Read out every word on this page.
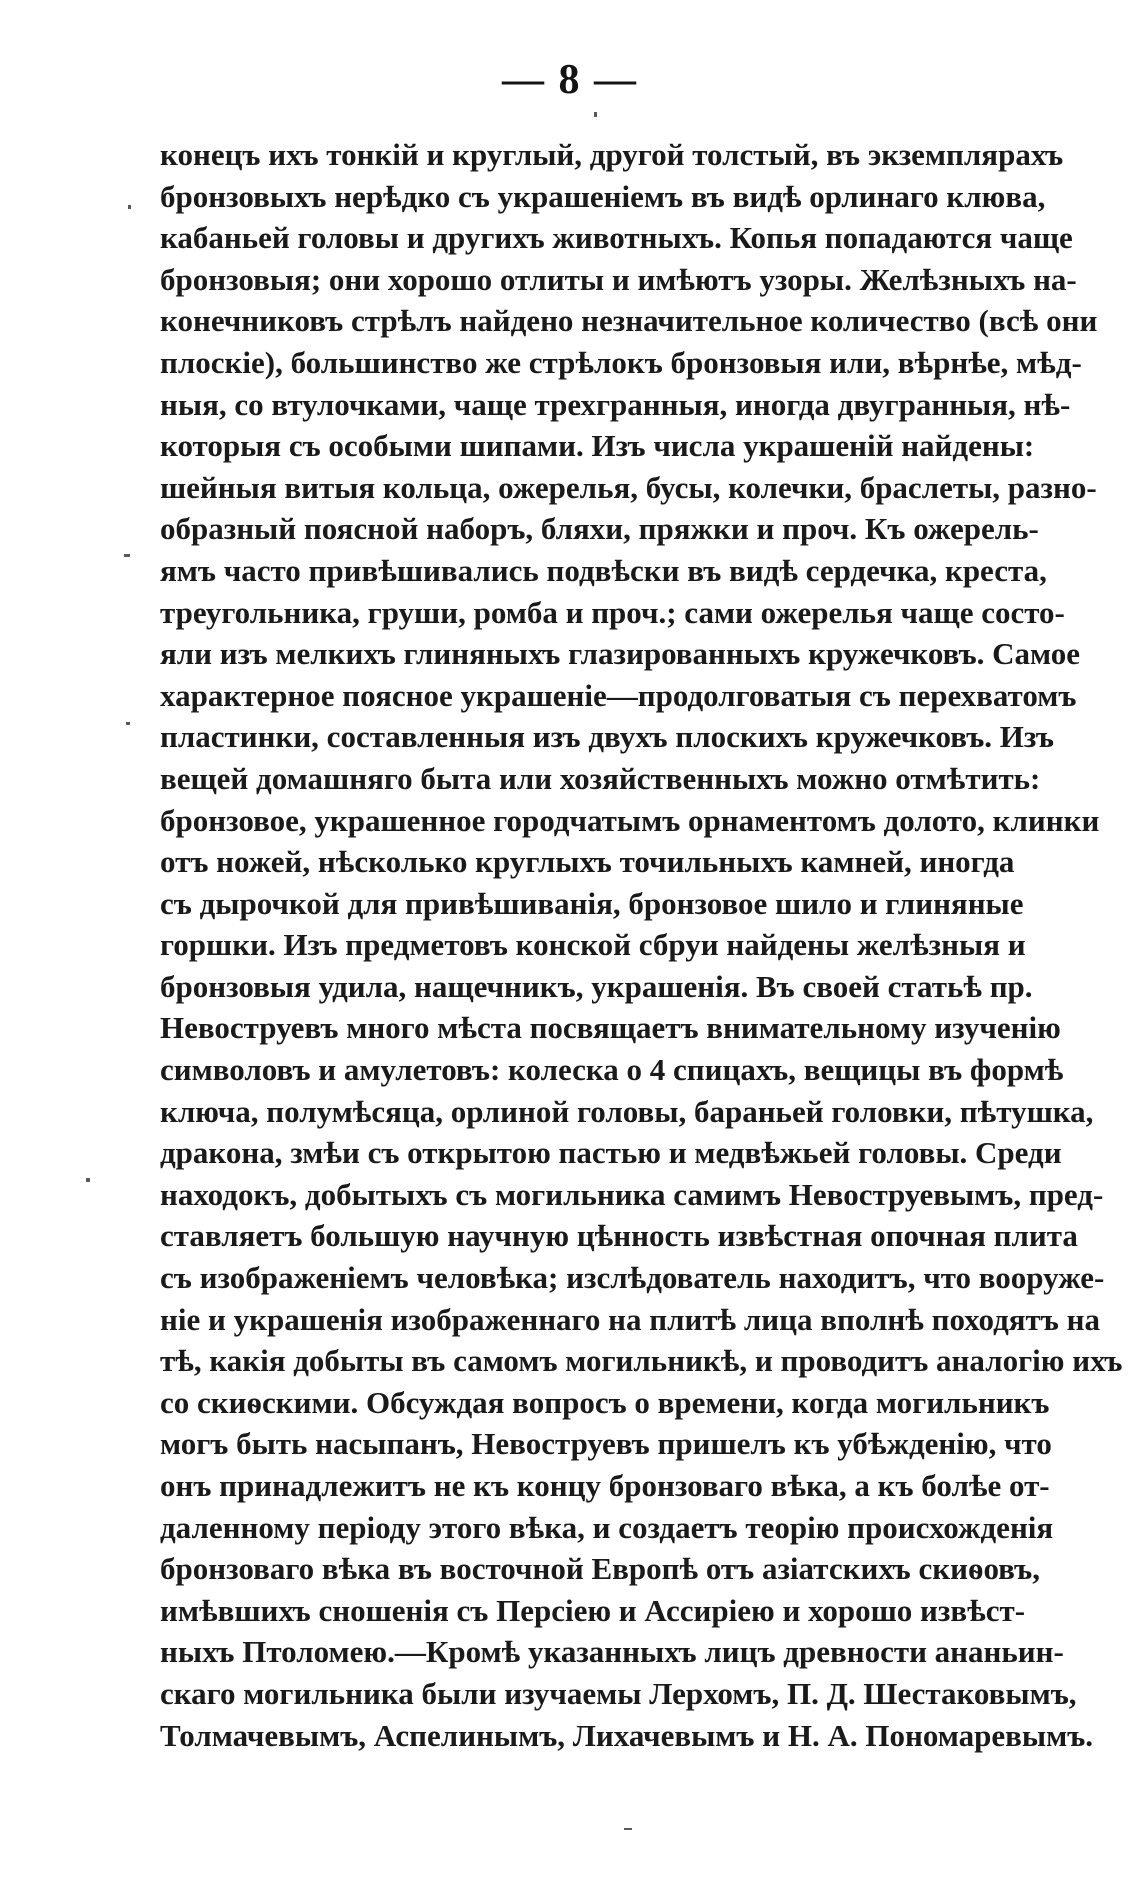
— 8 —
конецъ ихъ тонкій и круглый, другой толстый, въ экземплярахъ
бронзовыхъ нерѣдко съ украшеніемъ въ видѣ орлинаго клюва,
кабаньей головы и другихъ животныхъ. Копья попадаются чаще
бронзовыя; они хорошо отлиты и имѣютъ узоры. Желѣзныхъ на-
конечниковъ стрѣлъ найдено незначительное количество (всѣ они
плоскіе), большинство же стрѣлокъ бронзовыя или, вѣрнѣе, мѣд-
ныя, со втулочками, чаще трехгранныя, иногда двугранныя, нѣ-
которыя съ особыми шипами. Изъ числа украшеній найдены:
шейныя витыя кольца, ожерелья, бусы, колечки, браслеты, разно-
образный поясной наборъ, бляхи, пряжки и проч. Къ ожерель-
ямъ часто привѣшивались подвѣски въ видѣ сердечка, креста,
треугольника, груши, ромба и проч.; сами ожерелья чаще состо-
яли изъ мелкихъ глиняныхъ глазированныхъ кружечковъ. Самое
характерное поясное украшеніе—продолговатыя съ перехватомъ
пластинки, составленныя изъ двухъ плоскихъ кружечковъ. Изъ
вещей домашняго быта или хозяйственныхъ можно отмѣтить:
бронзовое, украшенное городчатымъ орнаментомъ долото, клинки
отъ ножей, нѣсколько круглыхъ точильныхъ камней, иногда
съ дырочкой для привѣшиванія, бронзовое шило и глиняные
горшки. Изъ предметовъ конской сбруи найдены желѣзныя и
бронзовыя удила, нащечникъ, украшенія. Въ своей статьѣ пр.
Невоструевъ много мѣста посвящаетъ внимательному изученію
символовъ и амулетовъ: колеска о 4 спицахъ, вещицы въ формѣ
ключа, полумѣсяца, орлиной головы, бараньей головки, пѣтушка,
дракона, змѣи съ открытою пастью и медвѣжьей головы. Среди
находокъ, добытыхъ съ могильника самимъ Невоструевымъ, пред-
ставляетъ большую научную цѣнность извѣстная опочная плита
съ изображеніемъ человѣка; изслѣдователь находитъ, что вооруже-
ніе и украшенія изображеннаго на плитѣ лица вполнѣ походятъ на
тѣ, какія добыты въ самомъ могильникѣ, и проводитъ аналогію ихъ
со скиѳскими. Обсуждая вопросъ о времени, когда могильникъ
могъ быть насыпанъ, Невоструевъ пришелъ къ убѣжденію, что
онъ принадлежитъ не къ концу бронзоваго вѣка, а къ болѣе от-
даленному періоду этого вѣка, и создаетъ теорію происхожденія
бронзоваго вѣка въ восточной Европѣ отъ азіатскихъ скиѳовъ,
имѣвшихъ сношенія съ Персіею и Ассиріею и хорошо извѣст-
ныхъ Птоломею.—Кромѣ указанныхъ лицъ древности ананьин-
скаго могильника были изучаемы Лерхомъ, П. Д. Шестаковымъ,
Толмачевымъ, Аспелинымъ, Лихачевымъ и Н. А. Пономаревымъ.
